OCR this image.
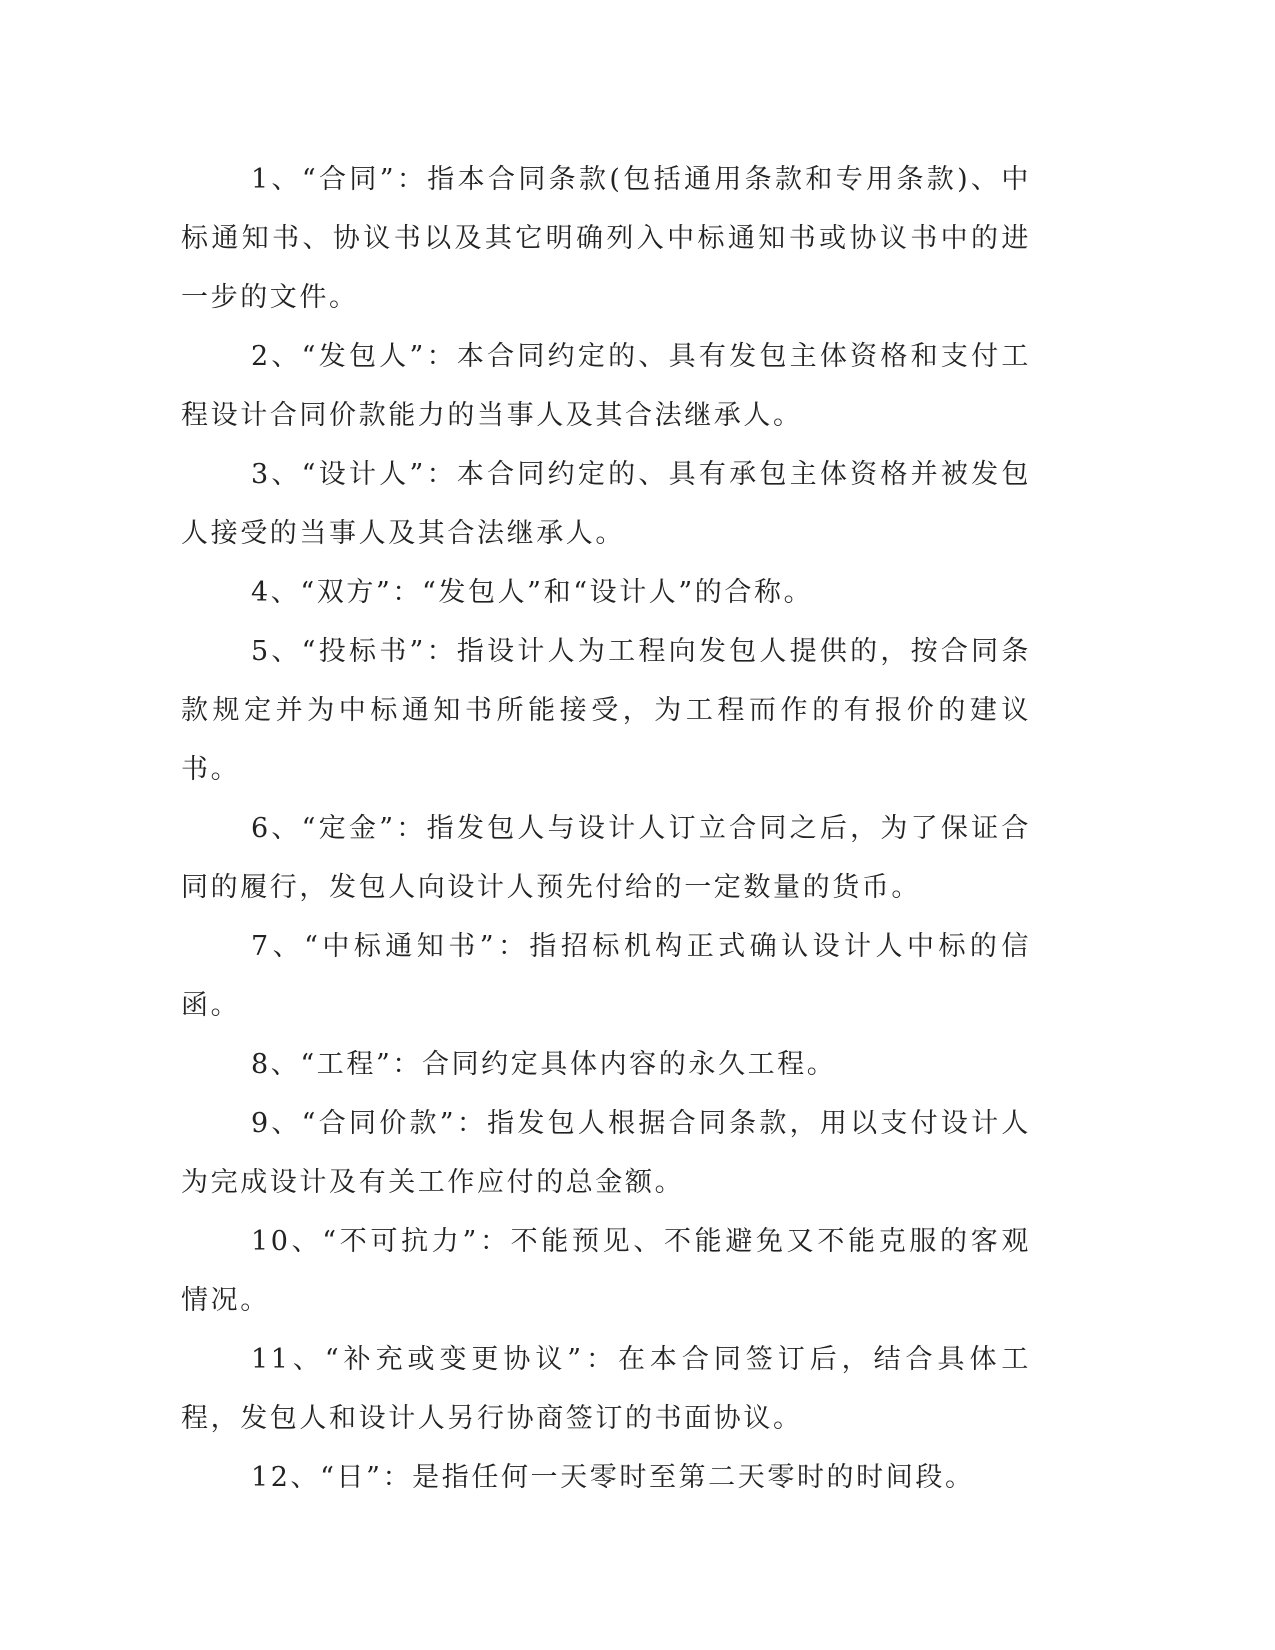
1、“合同”：指本合同条款(包括通用条款和专用条款)、中标通知书、协议书以及其它明确列入中标通知书或协议书中的进一步的文件。

2、“发包人”：本合同约定的、具有发包主体资格和支付工程设计合同价款能力的当事人及其合法继承人。

3、“设计人”：本合同约定的、具有承包主体资格并被发包人接受的当事人及其合法继承人。

4、“双方”：“发包人”和“设计人”的合称。

5、“投标书”：指设计人为工程向发包人提供的，按合同条款规定并为中标通知书所能接受，为工程而作的有报价的建议书。

6、“定金”：指发包人与设计人订立合同之后，为了保证合同的履行，发包人向设计人预先付给的一定数量的货币。

7、“中标通知书”：指招标机构正式确认设计人中标的信函。

8、“工程”：合同约定具体内容的永久工程。

9、“合同价款”：指发包人根据合同条款，用以支付设计人为完成设计及有关工作应付的总金额。

10、“不可抗力”：不能预见、不能避免又不能克服的客观情况。

11、“补充或变更协议”：在本合同签订后，结合具体工程，发包人和设计人另行协商签订的书面协议。

12、“日”：是指任何一天零时至第二天零时的时间段。
